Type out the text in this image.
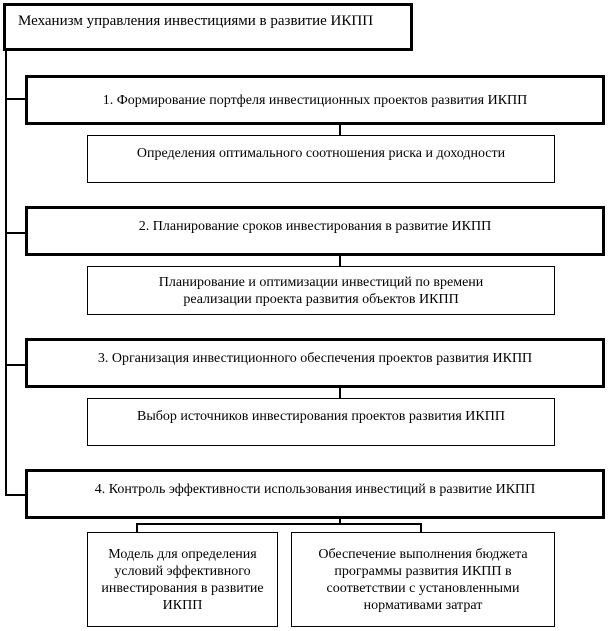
Механизм управления инвестициями в развитие ИКПП
1. Формирование портфеля инвестиционных проектов развития ИКПП
Определения оптимального соотношения риска и доходности
2. Планирование сроков инвестирования в развитие ИКПП
Планирование и оптимизации инвестиций по времени реализации проекта развития объектов ИКПП
3. Организация инвестиционного обеспечения проектов развития ИКПП
Выбор источников инвестирования проектов развития ИКПП
4. Контроль эффективности использования инвестиций в развитие ИКПП
Модель для определения условий эффективного инвестирования в развитие ИКПП
Обеспечение выполнения бюджета программы развития ИКПП в соответствии с установленными нормативами затрат
